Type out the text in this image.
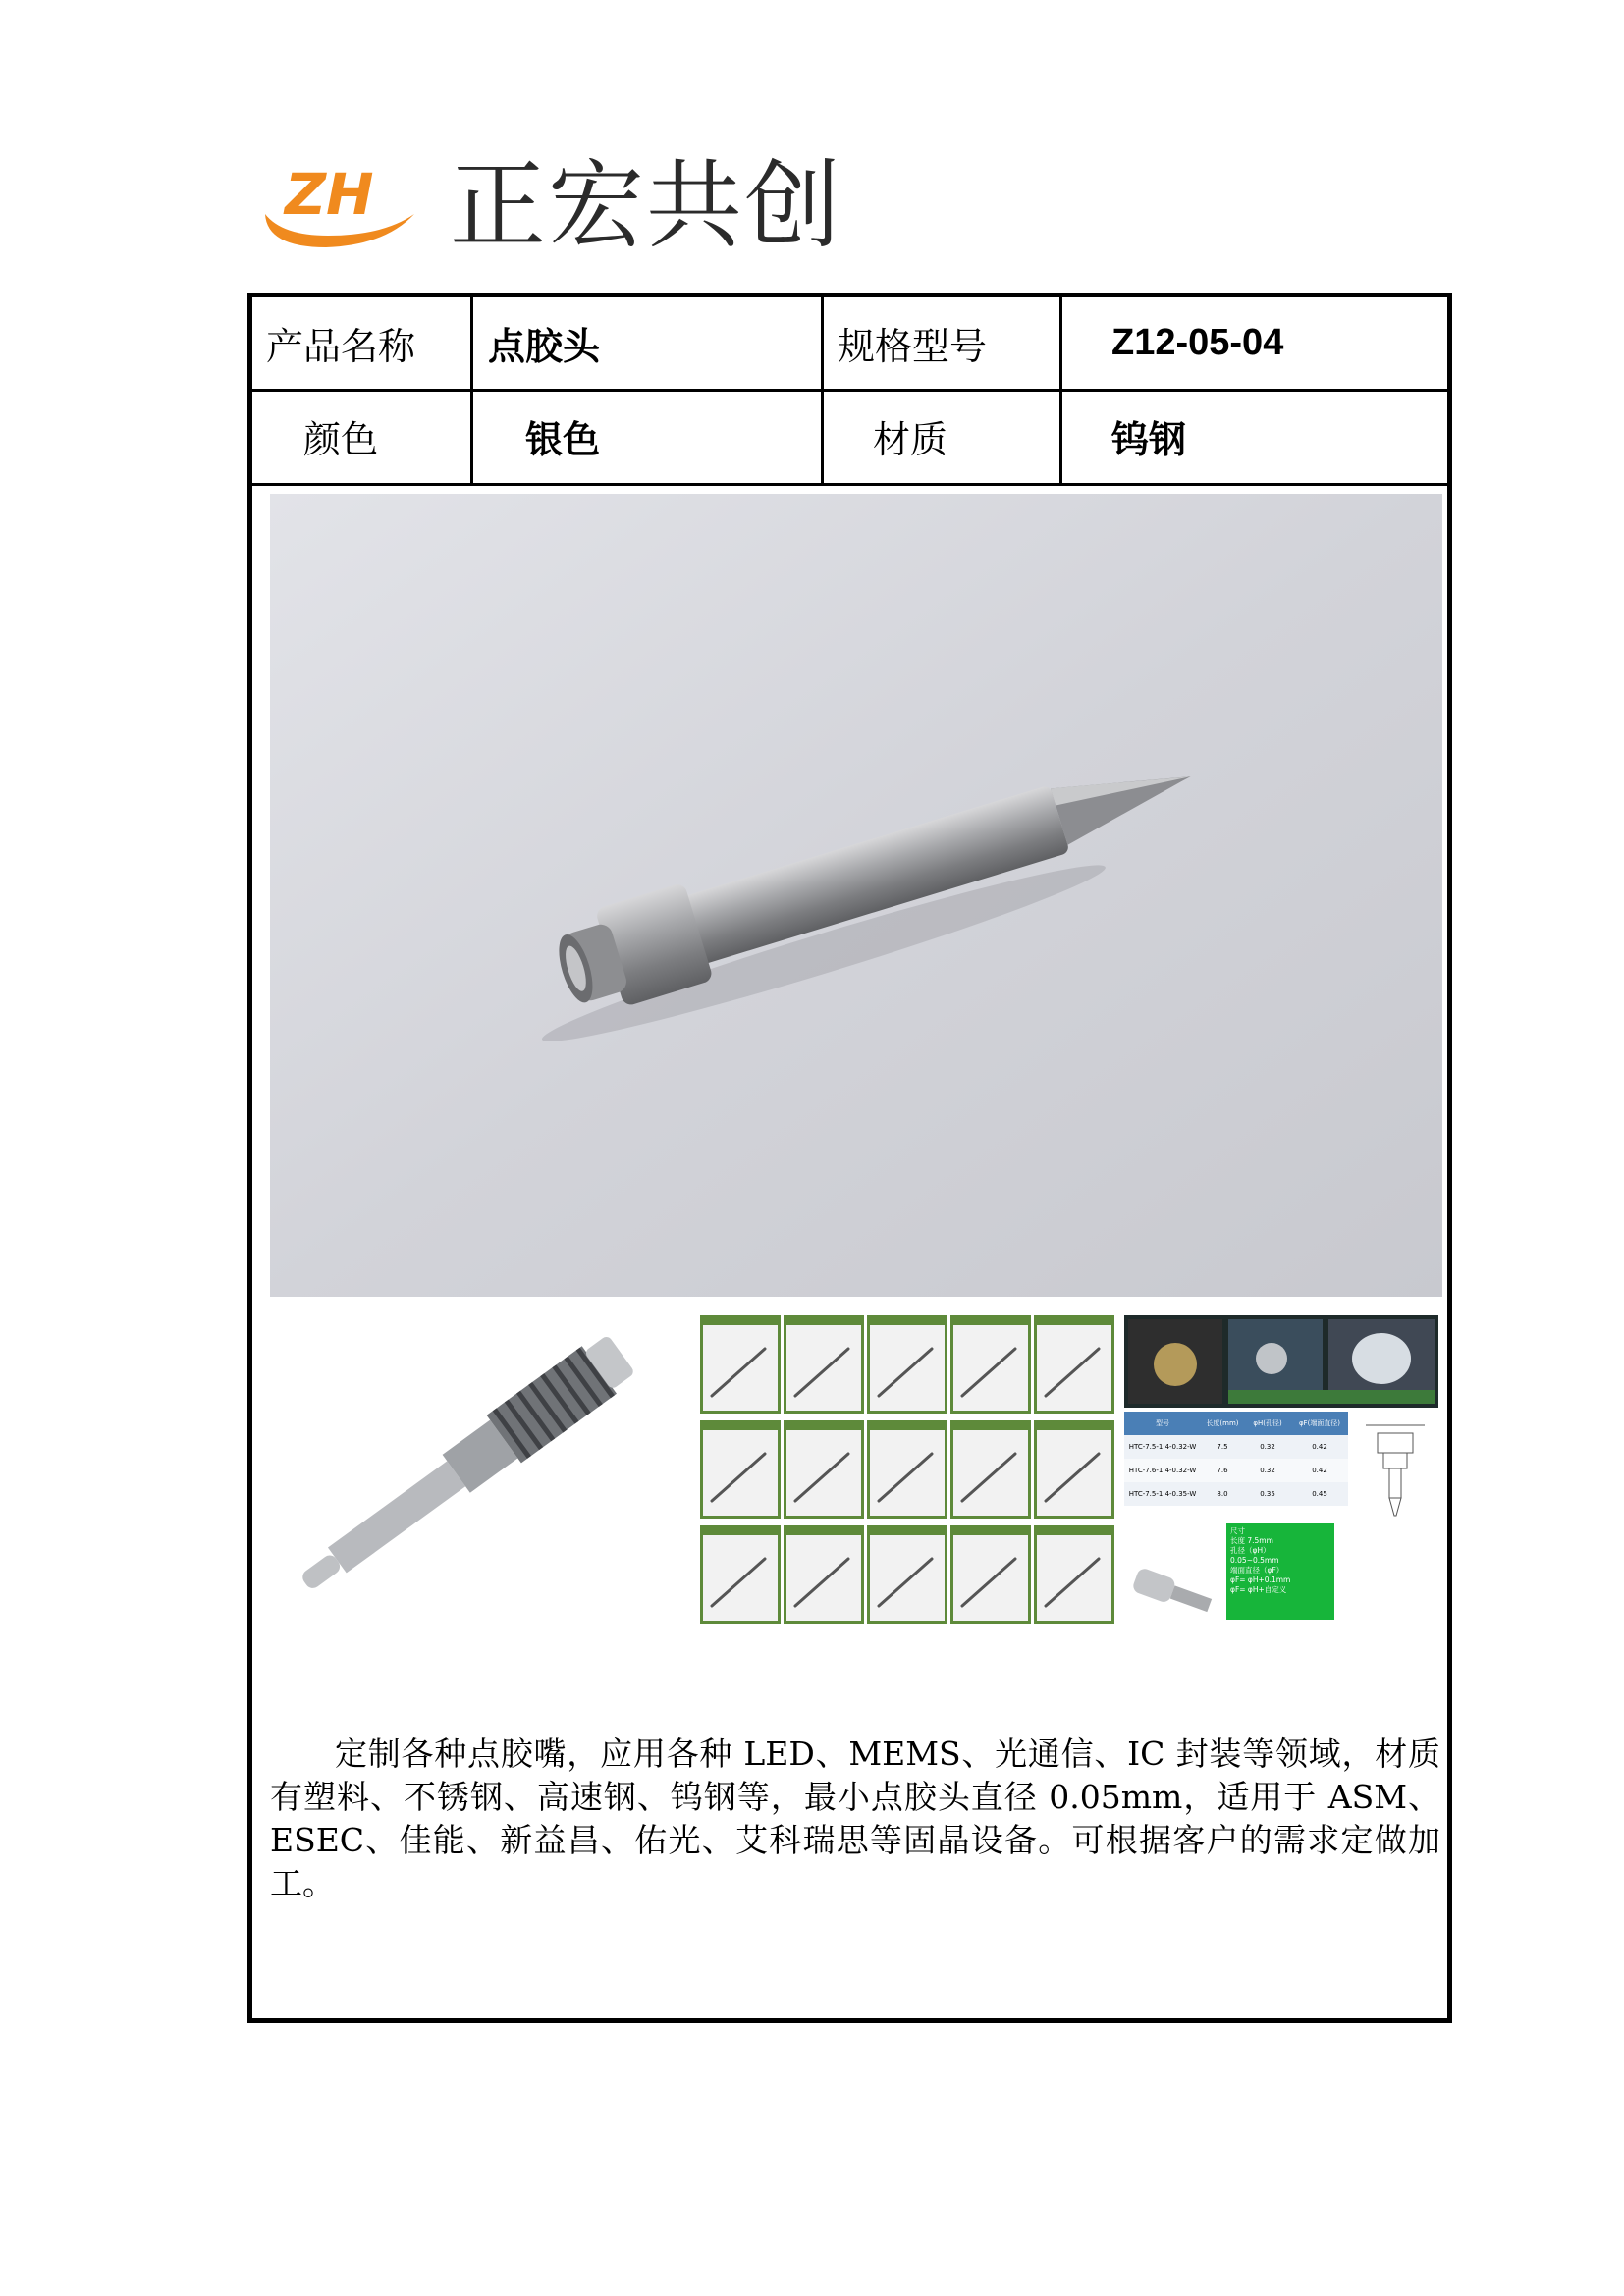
ZH 正宏共创
产品名称	点胶头	规格型号	Z12-05-04
颜色	银色	材质	钨钢
型号	长度(mm)	φH(孔径)	φF(端面直径)
HTC-7.5-1.4-0.32-W	7.5	0.32	0.42
HTC-7.6-1.4-0.32-W	7.6	0.32	0.42
HTC-7.5-1.4-0.35-W	8.0	0.35	0.45
尺寸
长度 7.5mm
孔径（φH）
0.05~0.5mm
端面直径（φF）
φF= φH+0.1mm
φF= φH+自定义

定制各种点胶嘴，应用各种 LED、MEMS、光通信、IC 封装等领域，材质有塑料、不锈钢、高速钢、钨钢等，最小点胶头直径 0.05mm，适用于 ASM、ESEC、佳能、新益昌、佑光、艾科瑞思等固晶设备。可根据客户的需求定做加工。
